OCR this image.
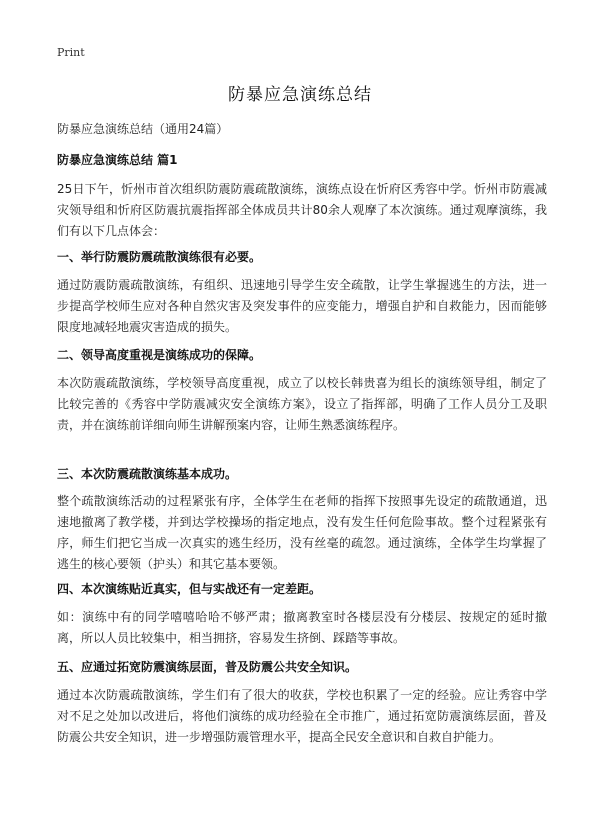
Print
防暴应急演练总结
防暴应急演练总结（通用24篇）
防暴应急演练总结 篇1
25日下午，忻州市首次组织防震防震疏散演练，演练点设在忻府区秀容中学。忻州市防震减灾领导组和忻府区防震抗震指挥部全体成员共计80余人观摩了本次演练。通过观摩演练，我们有以下几点体会：
一、举行防震防震疏散演练很有必要。
通过防震防震疏散演练，有组织、迅速地引导学生安全疏散，让学生掌握逃生的方法，进一步提高学校师生应对各种自然灾害及突发事件的应变能力，增强自护和自救能力，因而能够限度地减轻地震灾害造成的损失。
二、领导高度重视是演练成功的保障。
本次防震疏散演练，学校领导高度重视，成立了以校长韩贵喜为组长的演练领导组，制定了比较完善的《秀容中学防震减灾安全演练方案》，设立了指挥部，明确了工作人员分工及职责，并在演练前详细向师生讲解预案内容，让师生熟悉演练程序。
三、本次防震疏散演练基本成功。
整个疏散演练活动的过程紧张有序，全体学生在老师的指挥下按照事先设定的疏散通道，迅速地撤离了教学楼，并到达学校操场的指定地点，没有发生任何危险事故。整个过程紧张有序，师生们把它当成一次真实的逃生经历，没有丝毫的疏忽。通过演练，全体学生均掌握了逃生的核心要领（护头）和其它基本要领。
四、本次演练贴近真实，但与实战还有一定差距。
如：演练中有的同学嘻嘻哈哈不够严肃；撤离教室时各楼层没有分楼层、按规定的延时撤离，所以人员比较集中，相当拥挤，容易发生挤倒、踩踏等事故。
五、应通过拓宽防震演练层面，普及防震公共安全知识。
通过本次防震疏散演练，学生们有了很大的收获，学校也积累了一定的经验。应让秀容中学对不足之处加以改进后，将他们演练的成功经验在全市推广，通过拓宽防震演练层面，普及防震公共安全知识，进一步增强防震管理水平，提高全民安全意识和自救自护能力。
